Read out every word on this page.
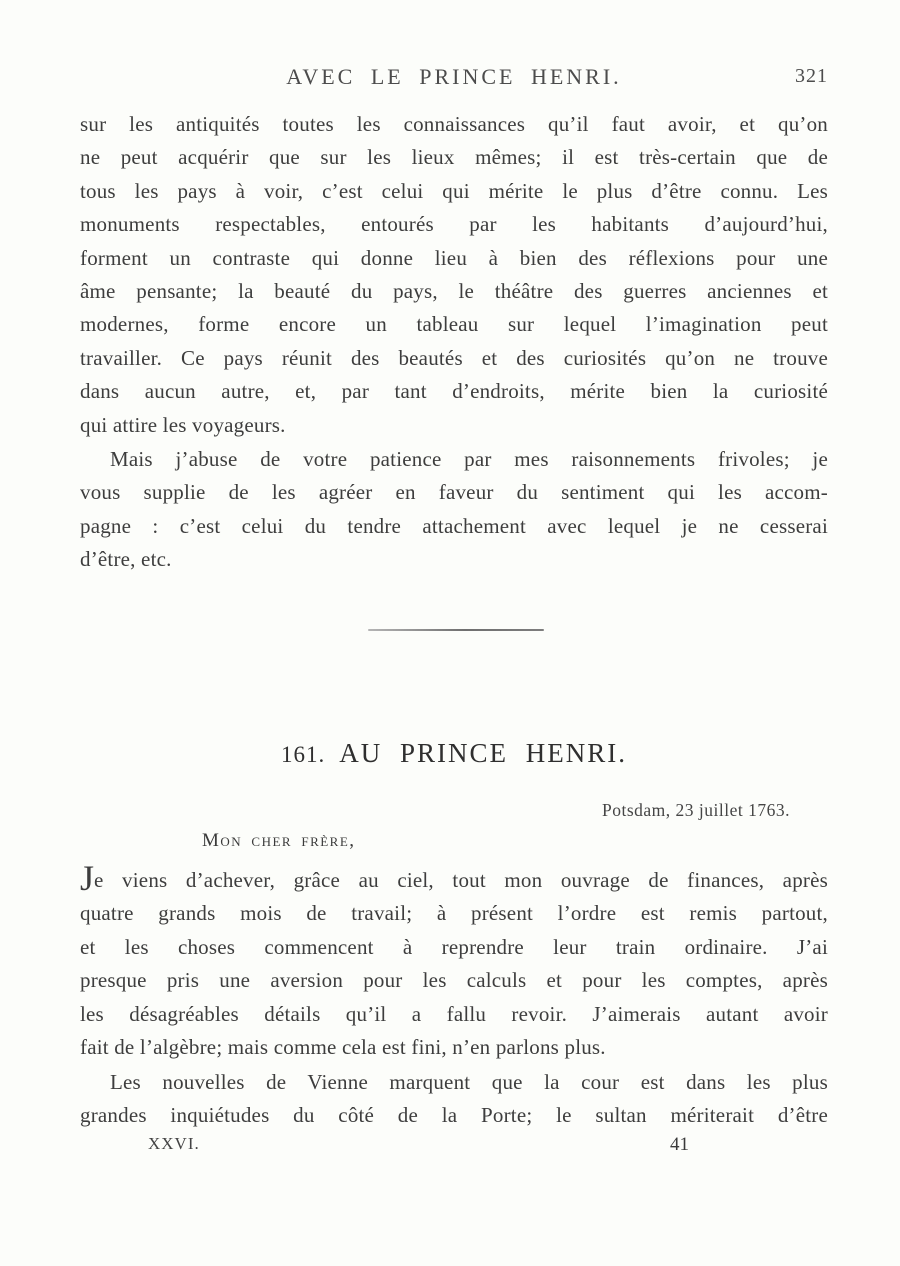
AVEC LE PRINCE HENRI.	321
sur les antiquités toutes les connaissances qu’il faut avoir, et qu’on
ne peut acquérir que sur les lieux mêmes; il est très-certain que de
tous les pays à voir, c’est celui qui mérite le plus d’être connu. Les
monuments respectables, entourés par les habitants d’aujourd’hui,
forment un contraste qui donne lieu à bien des réflexions pour une
âme pensante; la beauté du pays, le théâtre des guerres anciennes et
modernes, forme encore un tableau sur lequel l’imagination peut
travailler. Ce pays réunit des beautés et des curiosités qu’on ne trouve
dans aucun autre, et, par tant d’endroits, mérite bien la curiosité
qui attire les voyageurs.
Mais j’abuse de votre patience par mes raisonnements frivoles; je
vous supplie de les agréer en faveur du sentiment qui les accom-
pagne : c’est celui du tendre attachement avec lequel je ne cesserai
d’être, etc.
161. AU PRINCE HENRI.
Potsdam, 23 juillet 1763.
Mon cher frère,
Je viens d’achever, grâce au ciel, tout mon ouvrage de finances, après
quatre grands mois de travail; à présent l’ordre est remis partout,
et les choses commencent à reprendre leur train ordinaire. J’ai
presque pris une aversion pour les calculs et pour les comptes, après
les désagréables détails qu’il a fallu revoir. J’aimerais autant avoir
fait de l’algèbre; mais comme cela est fini, n’en parlons plus.
Les nouvelles de Vienne marquent que la cour est dans les plus
grandes inquiétudes du côté de la Porte; le sultan mériterait d’être
XXVI.	41
